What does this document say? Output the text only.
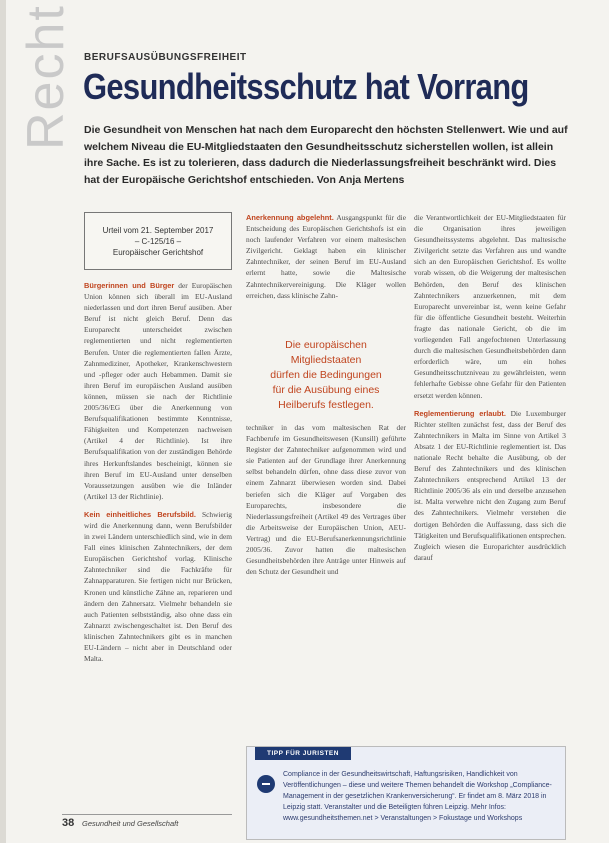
Recht BERUFSAUSÜBUNGSFREIHEIT
Gesundheitsschutz hat Vorrang

Die Gesundheit von Menschen hat nach dem Europarecht den höchsten Stellenwert. Wie und auf welchem Niveau die EU-Mitgliedstaaten den Gesundheitsschutz sicherstellen wollen, ist allein ihre Sache. Es ist zu tolerieren, dass dadurch die Niederlassungsfreiheit beschränkt wird. Dies hat der Europäische Gerichtshof entschieden. Von Anja Mertens

Urteil vom 21. September 2017
– C-125/16 –
Europäischer Gerichtshof

Bürgerinnen und Bürger der Europäischen Union können sich überall im EU-Ausland niederlassen und dort ihren Beruf ausüben. Aber Beruf ist nicht gleich Beruf. Denn das Europarecht unterscheidet zwischen reglementierten und nicht reglementierten Berufen. Unter die reglementierten fallen Ärzte, Zahnmediziner, Apotheker, Krankenschwestern und -pfleger oder auch Hebammen. Damit sie ihren Beruf im europäischen Ausland ausüben können, müssen sie nach der Richtlinie 2005/36/EG über die Anerkennung von Berufsqualifikationen bestimmte Kenntnisse, Fähigkeiten und Kompetenzen nachweisen (Artikel 4 der Richtlinie). Ist ihre Berufsqualifikation von der zuständigen Behörde ihres Herkunftslandes bescheinigt, können sie ihren Beruf im EU-Ausland unter denselben Voraussetzungen ausüben wie die Inländer (Artikel 13 der Richtlinie).

Kein einheitliches Berufsbild. Schwierig wird die Anerkennung dann, wenn Berufsbilder in zwei Ländern unterschiedlich sind, wie in dem Fall eines klinischen Zahntechnikers, der dem Europäischen Gerichtshof vorlag. Klinische Zahntechniker sind die Fachkräfte für Zahnapparaturen. Sie fertigen nicht nur Brücken, Kronen und künstliche Zähne an, reparieren und ändern den Zahnersatz. Vielmehr behandeln sie auch Patienten selbstständig, also ohne dass ein Zahnarzt zwischengeschaltet ist. Den Beruf des klinischen Zahntechnikers gibt es in manchen EU-Ländern – nicht aber in Deutschland oder Malta.

Anerkennung abgelehnt. Ausgangspunkt für die Entscheidung des Europäischen Gerichtshofs ist ein noch laufender Verfahren vor einem maltesischen Zivilgericht. Geklagt haben ein klinischer Zahntechniker, der seinen Beruf im EU-Ausland erlernt hatte, sowie die Maltesische Zahntechnikervereinigung. Die Kläger wollen erreichen, dass klinische Zahn-

Die europäischen
Mitgliedstaaten
dürfen die Bedingungen
für die Ausübung eines
Heilberufs festlegen.

techniker in das vom maltesischen Rat der Fachberufe im Gesundheitswesen (Kunsill) geführte Register der Zahntechniker aufgenommen wird und sie Patienten auf der Grundlage ihrer Anerkennung selbst behandeln dürfen, ohne dass diese zuvor von einem Zahnarzt überwiesen worden sind. Dabei beriefen sich die Kläger auf Vorgaben des Europarechts, insbesondere die Niederlassungsfreiheit (Artikel 49 des Vertrages über die Arbeitsweise der Europäischen Union, AEU-Vertrag) und die EU-Berufsanerkennungsrichtlinie 2005/36. Zuvor hatten die maltesischen Gesundheitsbehörden ihre Anträge unter Hinweis auf den Schutz der Gesundheit und

die Verantwortlichkeit der EU-Mitgliedstaaten für die Organisation ihres jeweiligen Gesundheitssystems abgelehnt. Das maltesische Zivilgericht setzte das Verfahren aus und wandte sich an den Europäischen Gerichtshof. Es wollte vorab wissen, ob die Weigerung der maltesischen Behörden, den Beruf des klinischen Zahntechnikers anzuerkennen, mit dem Europarecht unvereinbar ist, wenn keine Gefahr für die öffentliche Gesundheit besteht. Weiterhin fragte das nationale Gericht, ob die im vorliegenden Fall angefochtenen Unterlassung durch die maltesischen Gesundheitsbehörden dann erforderlich wäre, um ein hohes Gesundheitsschutzniveau zu gewährleisten, wenn fehlerhafte Gebisse ohne Gefahr für den Patienten ersetzt werden können.

Reglementierung erlaubt. Die Luxemburger Richter stellten zunächst fest, dass der Beruf des Zahntechnikers in Malta im Sinne von Artikel 3 Absatz 1 der EU-Richtlinie reglementiert ist. Das nationale Recht behalte die Ausübung, ob der Beruf des Zahntechnikers und des klinischen Zahntechnikers entsprechend Artikel 13 der Richtlinie 2005/36 als ein und derselbe anzusehen ist. Malta verwehre nicht den Zugang zum Beruf des Zahntechnikers. Vielmehr verstehen die dortigen Behörden die Auffassung, dass sich die Tätigkeiten und Berufsqualifikationen entsprechen. Zugleich wiesen die Europarichter ausdrücklich darauf

TIPP FÜR JURISTEN
Compliance in der Gesundheitswirtschaft, Haftungsrisiken, Handlichkeit von Veröffentlichungen – diese und weitere Themen behandelt die Workshop „Compliance-Management in der gesetzlichen Krankenversicherung“. Er findet am 8. März 2018 in Leipzig statt. Veranstalter und die Beteiligten führen Leipzig. Mehr Infos: www.gesundheitsthemen.net > Veranstaltungen > Fokustage und Workshops
38 Gesundheit und Gesellschaft
